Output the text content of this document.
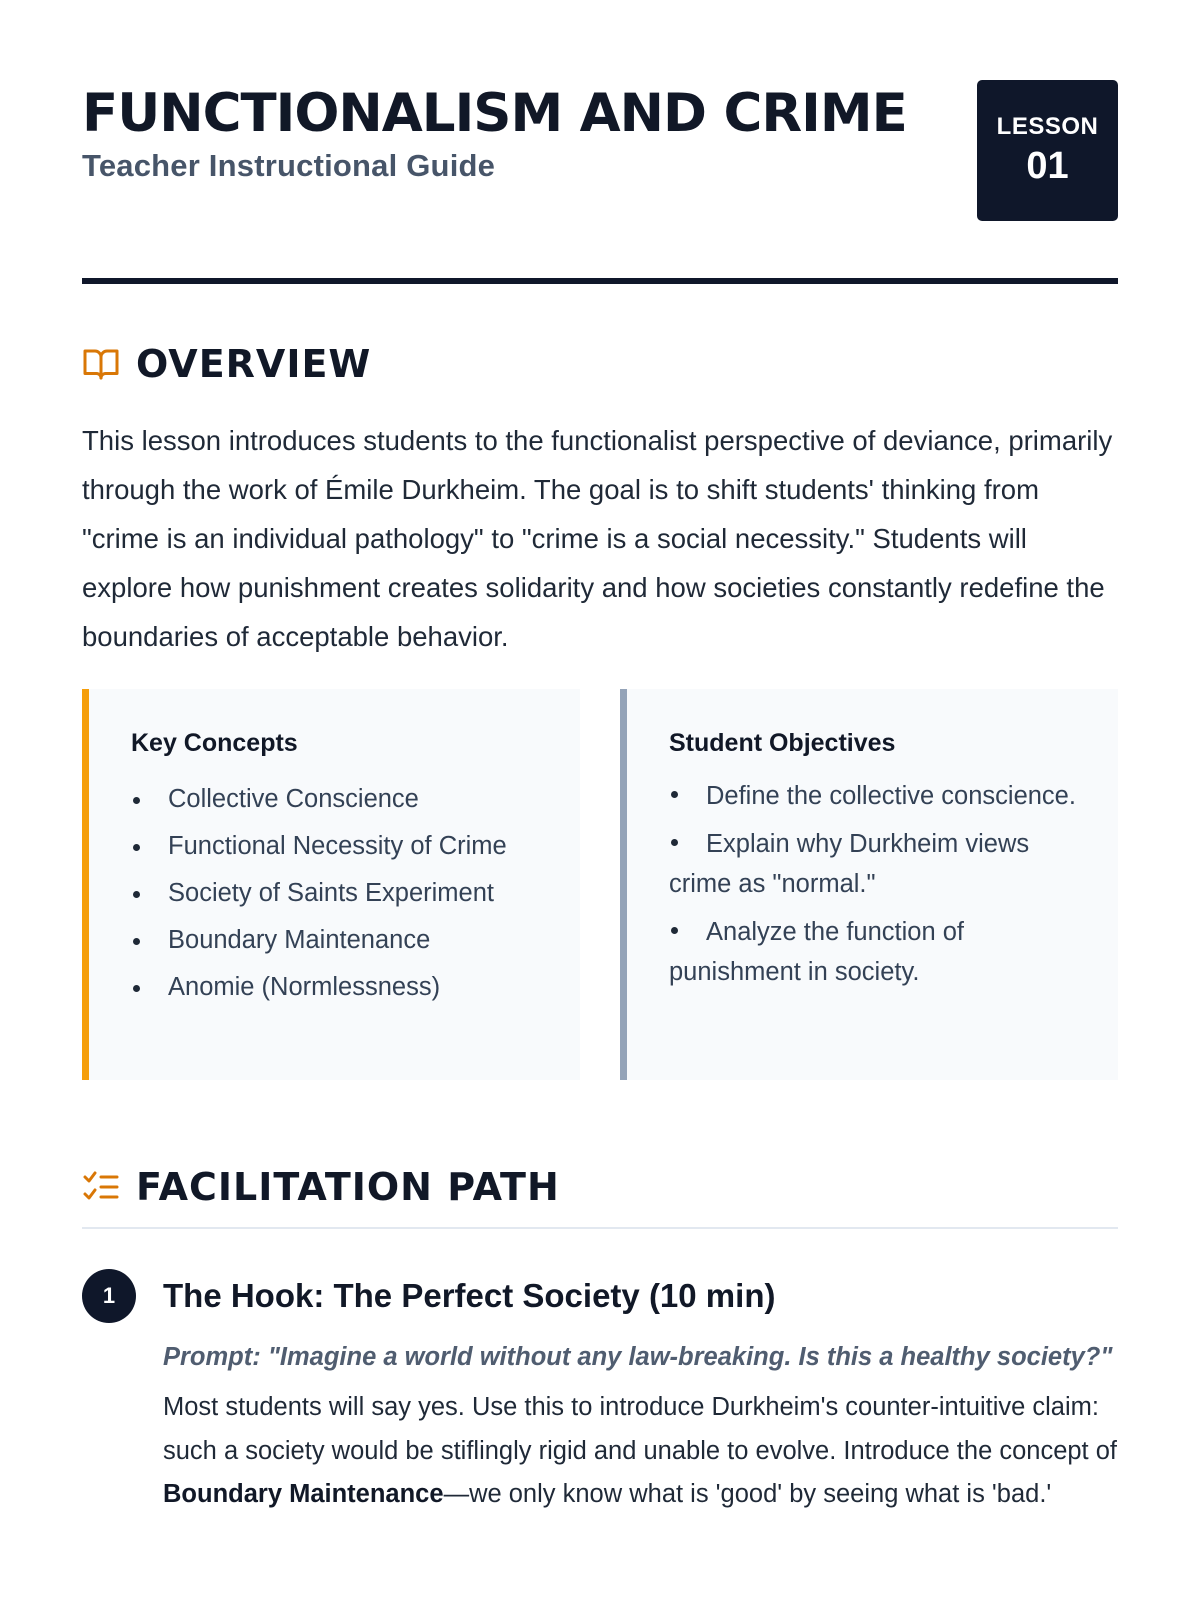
FUNCTIONALISM AND CRIME
Teacher Instructional Guide
LESSON
01
OVERVIEW

This lesson introduces students to the functionalist perspective of deviance, primarily through the work of Émile Durkheim. The goal is to shift students' thinking from "crime is an individual pathology" to "crime is a social necessity." Students will explore how punishment creates solidarity and how societies constantly redefine the boundaries of acceptable behavior.

Key Concepts
Collective Conscience
Functional Necessity of Crime
Society of Saints Experiment
Boundary Maintenance
Anomie (Normlessness)
Student Objectives
Define the collective conscience.
Explain why Durkheim views crime as "normal."
Analyze the function of punishment in society.
FACILITATION PATH
1	The Hook: The Perfect Society (10 min)

Prompt: "Imagine a world without any law-breaking. Is this a healthy society?"

Most students will say yes. Use this to introduce Durkheim's counter-intuitive claim: such a society would be stiflingly rigid and unable to evolve. Introduce the concept of Boundary Maintenance—we only know what is 'good' by seeing what is 'bad.'
